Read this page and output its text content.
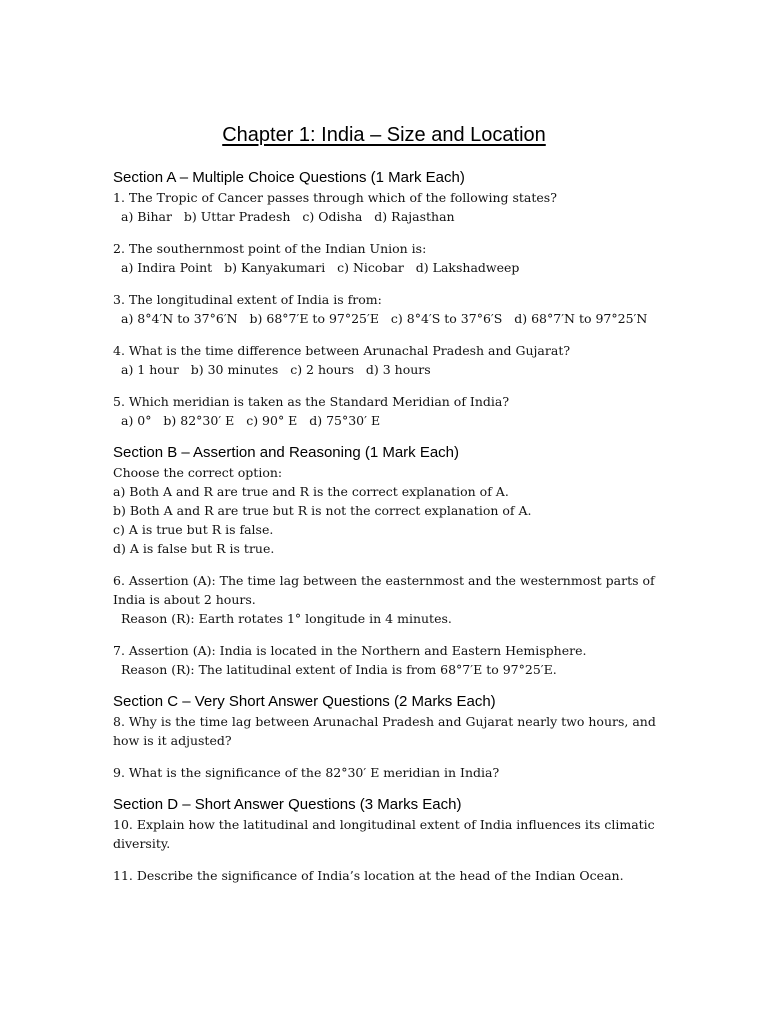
Chapter 1: India – Size and Location
Section A – Multiple Choice Questions (1 Mark Each)

1. The Tropic of Cancer passes through which of the following states?

a) Bihar   b) Uttar Pradesh   c) Odisha   d) Rajasthan

2. The southernmost point of the Indian Union is:

a) Indira Point   b) Kanyakumari   c) Nicobar   d) Lakshadweep

3. The longitudinal extent of India is from:

a) 8°4′N to 37°6′N   b) 68°7′E to 97°25′E   c) 8°4′S to 37°6′S   d) 68°7′N to 97°25′N

4. What is the time difference between Arunachal Pradesh and Gujarat?

a) 1 hour   b) 30 minutes   c) 2 hours   d) 3 hours

5. Which meridian is taken as the Standard Meridian of India?

a) 0°   b) 82°30′ E   c) 90° E   d) 75°30′ E

Section B – Assertion and Reasoning (1 Mark Each)

Choose the correct option:

a) Both A and R are true and R is the correct explanation of A.

b) Both A and R are true but R is not the correct explanation of A.

c) A is true but R is false.

d) A is false but R is true.

6. Assertion (A): The time lag between the easternmost and the westernmost parts of India is about 2 hours.

Reason (R): Earth rotates 1° longitude in 4 minutes.

7. Assertion (A): India is located in the Northern and Eastern Hemisphere.

Reason (R): The latitudinal extent of India is from 68°7′E to 97°25′E.

Section C – Very Short Answer Questions (2 Marks Each)

8. Why is the time lag between Arunachal Pradesh and Gujarat nearly two hours, and how is it adjusted?

9. What is the significance of the 82°30′ E meridian in India?

Section D – Short Answer Questions (3 Marks Each)

10. Explain how the latitudinal and longitudinal extent of India influences its climatic diversity.

11. Describe the significance of India’s location at the head of the Indian Ocean.
